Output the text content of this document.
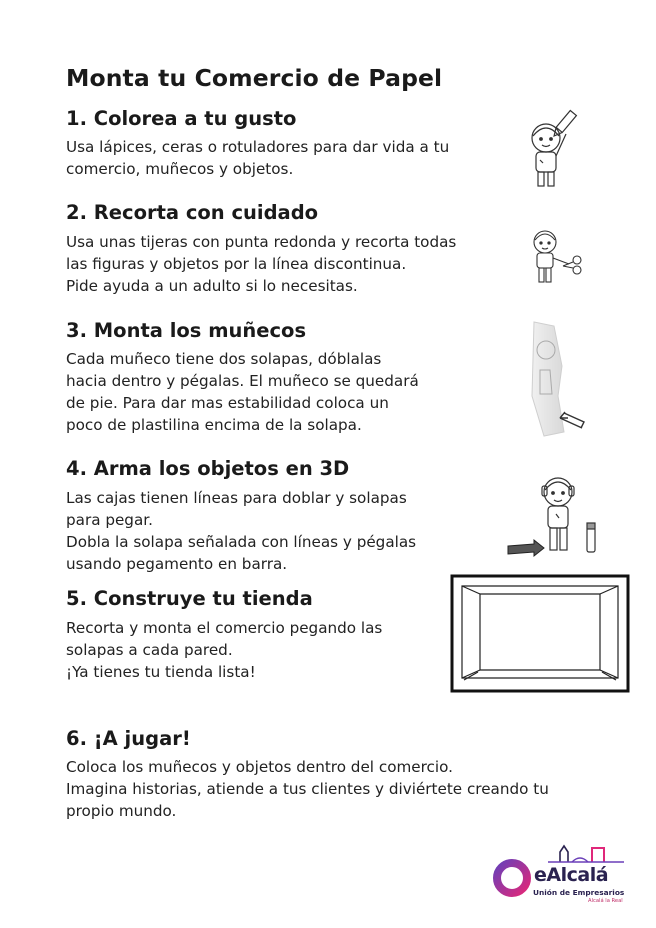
Monta tu Comercio de Papel
1. Colorea a tu gusto
Usa lápices, ceras o rotuladores para dar vida a tu
comercio, muñecos y objetos.
2. Recorta con cuidado
Usa unas tijeras con punta redonda y recorta todas
las figuras y objetos por la línea discontinua.
Pide ayuda a un adulto si lo necesitas.
3. Monta los muñecos
Cada muñeco tiene dos solapas, dóblalas
hacia dentro y pégalas. El muñeco se quedará
de pie. Para dar mas estabilidad coloca un
poco de plastilina encima de la solapa.
4. Arma los objetos en 3D
Las cajas tienen líneas para doblar y solapas
para pegar.
Dobla la solapa señalada con líneas y pégalas
usando pegamento en barra.
5. Construye tu tienda
Recorta y monta el comercio pegando las
solapas a cada pared.
¡Ya tienes tu tienda lista!
6. ¡A jugar!
Coloca los muñecos y objetos dentro del comercio.
Imagina historias, atiende a tus clientes y diviértete creando tu
propio mundo.
eAlcalá
Unión de Empresarios
Alcalá la Real
